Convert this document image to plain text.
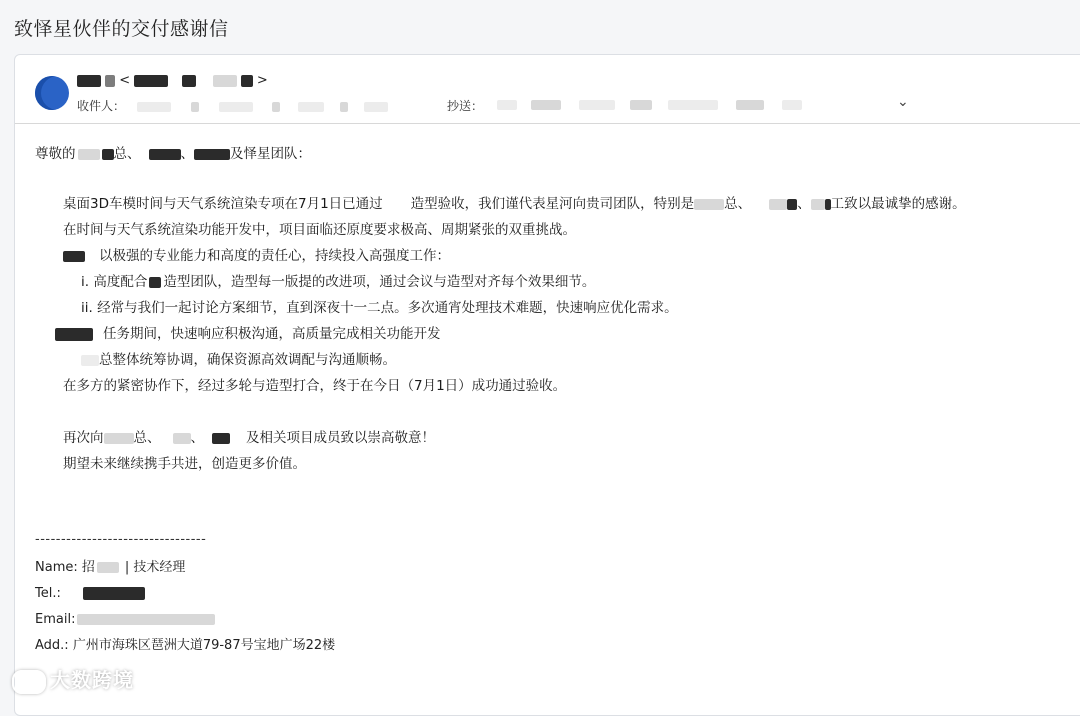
致怿星伙伴的交付感谢信
<	>
收件人：	抄送：
	⌄
尊敬的	总、	、	及怿星团队：
桌面3D车模时间与天气系统渲染专项在7月1日已通过 造型验收，我们谨代表星河向贵司团队，特别是 总、	、 工致以最诚挚的感谢。
在时间与天气系统渲染功能开发中，项目面临还原度要求极高、周期紧张的双重挑战。
以极强的专业能力和高度的责任心，持续投入高强度工作：
i. 高度配合 造型团队，造型每一版提的改进项，通过会议与造型对齐每个效果细节。
ii. 经常与我们一起讨论方案细节，直到深夜十一二点。多次通宵处理技术难题，快速响应优化需求。
任务期间，快速响应积极沟通，高质量完成相关功能开发
总整体统筹协调，确保资源高效调配与沟通顺畅。
在多方的紧密协作下，经过多轮与造型打合，终于在今日（7月1日）成功通过验收。
再次向 总、 、	及相关项目成员致以崇高敬意！
期望未来继续携手共进，创造更多价值。
---------------------------------
Name: 招 | 技术经理
Tel.:
Email:
Add.: 广州市海珠区琶洲大道79-87号宝地广场22楼
大数跨境
